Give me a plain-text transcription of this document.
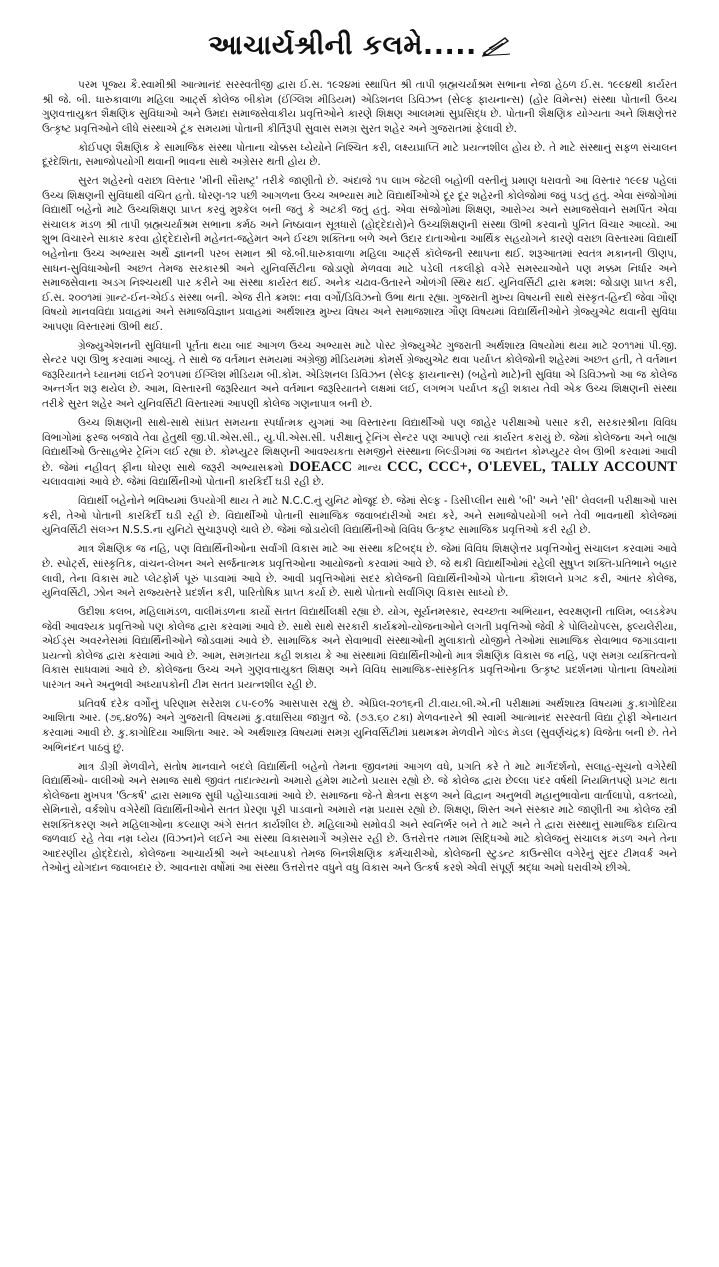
આચાર્યશ્રીની કલમે.....

પરમ પૂજ્ય કૈ.સ્વામીશ્રી આત્માનંદ સરસ્વતીજી દ્વારા ઈ.સ. ૧૯૨૪માં સ્થાપિત શ્રી તાપી બ્રહ્મચર્યાશ્રમ સભાના નેજા હેઠળ ઈ.સ. ૧૯૯૪થી કાર્યરત શ્રી જે. બી. ધારુકાવાળા મહિલા આર્ટ્સ કોલેજ બીકોમ (ઈંગ્લિશ મીડિયમ) એડિશનલ ડિવિઝન (સેલ્ફ ફાયનાન્સ) (હોર વિમેન્સ) સંસ્થા પોતાની ઉચ્ચ ગુણવત્તાયુક્ત શૈક્ષણિક સુવિધાઓ અને ઉમદા સમાજસેવાકીય પ્રવૃત્તિઓને કારણે શિક્ષણ આલમમાં સુપ્રસિદ્ધ છે. પોતાની શૈક્ષણિક યોગ્યતા અને શિક્ષણેત્તર ઉત્કૃષ્ટ પ્રવૃત્તિઓને લીધે સંસ્થાએ ટૂંક સમયમાં પોતાની કીર્તિરૂપી સુવાસ સમગ્ર સુરત શહેર અને ગુજરાતમાં ફેલાવી છે.

કોઈપણ શૈક્ષણિક કે સામાજિક સંસ્થા પોતાના ચોક્કસ ધ્યેયોને નિશ્ચિત કરી, લક્ષ્યપ્રાપ્તિ માટે પ્રયત્નશીલ હોય છે. તે માટે સંસ્થાનું સફળ સંચાલન દૂરંદેશિતા, સમાજોપયોગી થવાની ભાવના સાથે અગ્રેસર થતી હોય છે.

સુરત શહેરનો વરાછા વિસ્તાર 'મીની સૌરાષ્ટ્ર' તરીકે જાણીતો છે. અંદાજે ૧૫ લાખ જેટલી બહોળી વસ્તીનું પ્રમાણ ધરાવતો આ વિસ્તાર ૧૯૯૪ પહેલાં ઉચ્ચ શિક્ષણની સુવિધાથી વંચિત હતો. ધોરણ-૧૨ પછી આગળના ઉચ્ચ અભ્યાસ માટે વિદ્યાર્થીઓએ દૂર દૂર શહેરની કોલેજોમાં જવું પડતું હતું. એવા સંજોગોમાં વિદ્યાર્થી બહેનો માટે ઉચ્ચશિક્ષણ પ્રાપ્ત કરવું મુશ્કેલ બની જતું કે અટકી જતું હતું. એવા સંજોગોમાં શિક્ષણ, આરોગ્ય અને સમાજસેવાને સમર્પિત એવા સંચાલક મંડળ શ્રી તાપી બ્રહ્મચર્યાશ્રમ સભાના કર્મઠ અને નિષ્ઠાવાન સૂત્રધારો (હોદ્દેદારો)ને ઉચ્ચશિક્ષણની સંસ્થા ઊભી કરવાનો પુનિત વિચાર આવ્યો. આ શુભ વિચારને સાકાર કરવા હોદ્દેદારોની મહેનત-જહેમત અને ઈચ્છા શક્તિના બળે અને ઉદાર દાતાઓના આર્થિક સહયોગને કારણે વરાછા વિસ્તારમાં વિદ્યાર્થી બહેનોના ઉચ્ચ અભ્યાસ અર્થે જ્ઞાનની પરબ સમાન શ્રી જે.બી.ધારુકાવાળા મહિલા આર્ટ્સ કૉલેજની સ્થાપના થઈ. શરૂઆતમાં સ્વતંત્ર મકાનની ઊણપ, સાધન-સુવિધાઓની અછત તેમજ સરકારશ્રી અને યુનિવર્સિટીના જોડાણો મેળવવા માટે પડેલી તકલીફો વગેરે સમસ્યાઓને પણ મક્કમ નિર્ધાર અને સમાજસેવાના અડગ નિશ્ચયથી પાર કરીને આ સંસ્થા કાર્યરત થઈ. અનેક ચઢાવ-ઉતારને ઓળંગી સ્થિર થઈ. યુનિવર્સિટી દ્વારા ક્રમશ: જોડાણ પ્રાપ્ત કરી, ઈ.સ. ૨૦૦૧માં ગ્રાન્ટ-ઈન-એઈડ સંસ્થા બની. એજ રીતે ક્રમશ: નવા વર્ગો/ડિવિઝનો ઉભા થતા રહ્યા. ગુજરાતી મુખ્ય વિષયની સાથે સંસ્કૃત-હિન્દી જેવા ગૌણ વિષયો માનવવિદ્યા પ્રવાહમાં અને સમાજવિજ્ઞાન પ્રવાહમાં અર્થશાસ્ત્ર મુખ્ય વિષય અને સમાજશાસ્ત્ર ગૌણ વિષયમાં વિદ્યાર્થિનીઓને ગ્રેજ્યુએટ થવાની સુવિધા આપણા વિસ્તારમાં ઊભી થઈ.

ગ્રેજ્યુએશનની સુવિધાની પૂર્તતા થયા બાદ આગળ ઉચ્ચ અભ્યાસ માટે પોસ્ટ ગ્રેજ્યુએટ ગુજરાતી અર્થશાસ્ત્ર વિષયોમાં થયા માટે ૨૦૧૧માં પી.જી. સેન્ટર પણ ઊભુ કરવામાં આવ્યું. તે સાથે જ વર્તમાન સમયમાં અંગ્રેજી મીડિયમમાં કોમર્સ ગ્રેજ્યુએટ થવા પર્યાપ્ત કોલેજોની શહેરમાં અછત હતી, તે વર્તમાન જરૂરિયાતને ધ્યાનમાં લઈને ૨૦૧૫માં ઈંગ્લિશ મીડિયમ બી.કોમ. એડિશનલ ડિવિઝન (સેલ્ફ ફાયનાન્સ) (બહેનો માટે)ની સુવિધા એ ડિવિઝનો આ જ કોલેજ અન્તર્ગત શરૂ થયેલ છે. આમ, વિસ્તારની જરૂરિયાત અને વર્તમાન જરૂરિયાતને લક્ષમાં લઈ, લગભગ પર્યાપ્ત કહી શકાય તેવી એક ઉચ્ચ શિક્ષણની સંસ્થા તરીકે સુરત શહેર અને યુનિવર્સિટી વિસ્તારમાં આપણી કોલેજ ગણનાપાત્ર બની છે.

ઉચ્ચ શિક્ષણની સાથે-સાથે સાંપ્રત સમયના સ્પર્ધાત્મક યુગમાં આ વિસ્તારના વિદ્યાર્થીઓ પણ જાહેર પરીક્ષાઓ પસાર કરી, સરકારશ્રીના વિવિધ વિભાગોમાં ફરજ બજાવે તેવા હેતુથી જી.પી.એસ.સી., યુ.પી.એસ.સી. પરીક્ષાનું ટ્રેનિંગ સેન્ટર પણ આપણે ત્યાં કાર્યરત કરાયું છે. જેમાં કોલેજના અને બાહ્ય વિદ્યાર્થીઓ ઉત્સાહભેર ટ્રેનિંગ લઈ રહ્યા છે. કોમ્પ્યુટર શિક્ષણની આવશ્યકતા સમજીને સંસ્થાના બિલ્ડીંગમાં જ અદ્યતન કોમ્પ્યુટર લેબ ઊભી કરવામાં આવી છે. જેમાં નહીવત્ ફીના ધોરણ સાથે જરૂરી અભ્યાસક્રમો DOEACC માન્ય CCC, CCC+, O'LEVEL, TALLY ACCOUNT ચલાવવામાં આવે છે. જેમાં વિદ્યાર્થિનીઓ પોતાની કારકિર્દી ઘડી રહી છે.

વિદ્યાર્થી બહેનોને ભવિષ્યમાં ઉપયોગી થાય તે માટે N.C.C.નું યુનિટ મોજૂદ છે. જેમાં સેલ્ફ - ડિસીપ્લીન સાથે 'બી' અને 'સી' લેવલની પરીક્ષાઓ પાસ કરી, તેઓ પોતાની કારકિર્દી ઘડી રહી છે. વિદ્યાર્થીઓ પોતાની સામાજિક જવાબદારીઓ અદા કરે, અને સમાજોપયોગી બને તેવી ભાવનાથી કોલેજમાં યુનિવર્સિટી સંલગ્ન N.S.S.ના યુનિટો સુચારૂપણે ચાલે છે. જેમાં જોડાયેલી વિદ્યાર્થિનીઓ વિવિધ ઉત્કૃષ્ટ સામાજિક પ્રવૃત્તિઓ કરી રહી છે.

માત્ર શૈક્ષણિક જ નહિ, પણ વિદ્યાર્થિનીઓના સર્વાંગી વિકાસ માટે આ સંસ્થા કટિબદ્ધ છે. જેમાં વિવિધ શિક્ષણેત્તર પ્રવૃત્તિઓનું સંચાલન કરવામાં આવે છે. સ્પોર્ટ્સ, સાંસ્કૃતિક, વાંચન-લેખન અને સર્જનાત્મક પ્રવૃત્તિઓના આયોજનો કરવામાં આવે છે. જે થકી વિદ્યાર્થીઓમાં રહેલી સુષુપ્ત શક્તિ-પ્રતિભાને બહાર લાવી, તેના વિકાસ માટે પ્લેટફોર્મ પૂરું પાડવામાં આવે છે. આવી પ્રવૃત્તિઓમાં સદર કોલેજની વિદ્યાર્થિનીઓએ પોતાના કૌશલને પ્રગટ કરી, આંતર કોલેજ, યુનિવર્સિટી, ઝોન અને રાજ્યસ્તરે પ્રદર્શન કરી, પારિતોષિક પ્રાપ્ત કર્યા છે. સાથે પોતાનો સર્વાંગિણ વિકાસ સાધ્યો છે.

ઉદીશા કલબ, મહિલામંડળ, વાલીમંડળના કાર્યો સતત વિદ્યાર્થીલક્ષી રહ્યા છે. યોગ, સૂર્યનમસ્કાર, સ્વચ્છતા અભિયાન, સ્વરક્ષણની તાલિમ, બ્લડકેમ્પ જેવી આવશ્યક પ્રવૃત્તિઓ પણ કોલેજ દ્વારા કરવામાં આવે છે. સાથે સાથે સરકારી કાર્યક્રમો-યોજનાઓને લગતી પ્રવૃત્તિઓ જેવી કે પોલિયોપલ્સ, ફ્લ્યલેરીયા, એઈડ્સ અવરનેસમાં વિદ્યાર્થિનીઓને જોડવામાં આવે છે. સામાજિક અને સેવાભાવી સંસ્થાઓની મુલાકાતો યોજીને તેઓમાં સામાજિક સેવાભાવ જગાડવાના પ્રયત્નો કોલેજ દ્વારા કરવામાં આવે છે. આમ, સમગ્રતયા કહી શકાય કે આ સંસ્થામાં વિદ્યાર્થિનીઓનો માત્ર શૈક્ષણિક વિકાસ જ નહિ, પણ સમગ્ર વ્યક્તિત્વનો વિકાસ સાધવામાં આવે છે. કોલેજના ઉચ્ચ અને ગુણવત્તાયુક્ત શિક્ષણ અને વિવિધ સામાજિક-સાંસ્કૃતિક પ્રવૃત્તિઓના ઉત્કૃષ્ટ પ્રદર્શનમાં પોતાના વિષયોમાં પારંગત અને અનુભવી અધ્યાપકોની ટીમ સતત પ્રયત્નશીલ રહી છે.

પ્રતિવર્ષ દરેક વર્ગોનું પરિણામ સરેરાશ ૮૫-૯૦% આસપાસ રહ્યું છે. એપ્રિલ-૨૦૧૬ની ટી.વાય.બી.એ.ની પરીક્ષામાં અર્થશાસ્ત્ર વિષયમાં કુ.કાગોદિયા આશિતા આર. (૭૬.૪૦%) અને ગુજરાતી વિષયમાં કુ.વઘાસિયા જાગ્રુત જે. (૭૩.૬૦ ટકા) મેળવનારને શ્રી સ્વામી આત્માનંદ સરસ્વતી વિદ્યા ટ્રોફી એનાયત કરવામાં આવી છે. કુ.કાગોદિયા આશિતા આર. એ અર્થશાસ્ત્ર વિષયમાં સમગ્ર યુનિવર્સિટીમાં પ્રથમક્રમ મેળવીને ગોલ્ડ મેડલ (સુવર્ણચંદ્રક) વિજેતા બની છે. તેને અભિનંદન પાઠવું છું.

માત્ર ડીગ્રી મેળવીને, સંતોષ માનવાને બદલે વિદ્યાર્થિની બહેનો તેમના જીવનમાં આગળ વધે, પ્રગતિ કરે તે માટે માર્ગદર્શનો, સલાહ-સૂચનો વગેરેથી વિદ્યાર્થિઓ- વાલીઓ અને સમાજ સાથે જીવંત તાદાત્મ્યનો અમારો હંમેશ માટેનો પ્રયાસ રહ્યો છે. જે કોલેજ દ્વારા છેલ્લા પંદર વર્ષથી નિયમિતપણે પ્રગટ થતા કોલેજના મુખપત્ર 'ઉત્કર્ષ' દ્વારા સમાજ સુધી પહોંચાડવામાં આવે છે. સમાજના જે-તે ક્ષેત્રના સફળ અને વિદ્વાન અનુભવી મહાનુભાવોના વાર્તાલાપો, વક્તવ્યો, સેમિનારો, વર્કશોપ વગેરેથી વિદ્યાર્થિનીઓને સતત પ્રેરણા પૂરી પાડવાનો અમારો નમ્ર પ્રયાસ રહ્યો છે. શિક્ષણ, શિસ્ત અને સંસ્કાર માટે જાણીતી આ કોલેજ સ્ત્રી સશક્તિકરણ અને મહિલાઓના કલ્યાણ અંગે સતત કાર્યશીલ છે. મહિલાઓ સમોવડી અને સ્વનિર્ભર બને તે માટે અને તે દ્વારા સંસ્થાનું સામાજિક દાયિત્વ જળવાઈ રહે તેવા નમ્ર ધ્યેય (વિઝન)ને લઈને આ સંસ્થા વિકાસમાર્ગે અગ્રેસર રહી છે. ઉત્તરોત્તર તમામ સિદ્ધિઓ માટે કોલેજનું સંચાલક મંડળ અને તેના આદરણીય હોદ્દેદારો, કોલેજના આચાર્યશ્રી અને અધ્યાપકો તેમજ બિનશૈક્ષણિક કર્મચારીઓ, કોલેજની સ્ટુડન્ટ કાઉન્સીલ વગેરેનું સુંદર ટીમવર્ક અને તેઓનું યોગદાન જવાબદાર છે. આવનારા વર્ષોમાં આ સંસ્થા ઉત્તરોત્તર વધુને વધુ વિકાસ અને ઉત્કર્ષ કરશે એવી સંપૂર્ણ શ્રદ્ધા અમો ધરાવીએ છીએ.
